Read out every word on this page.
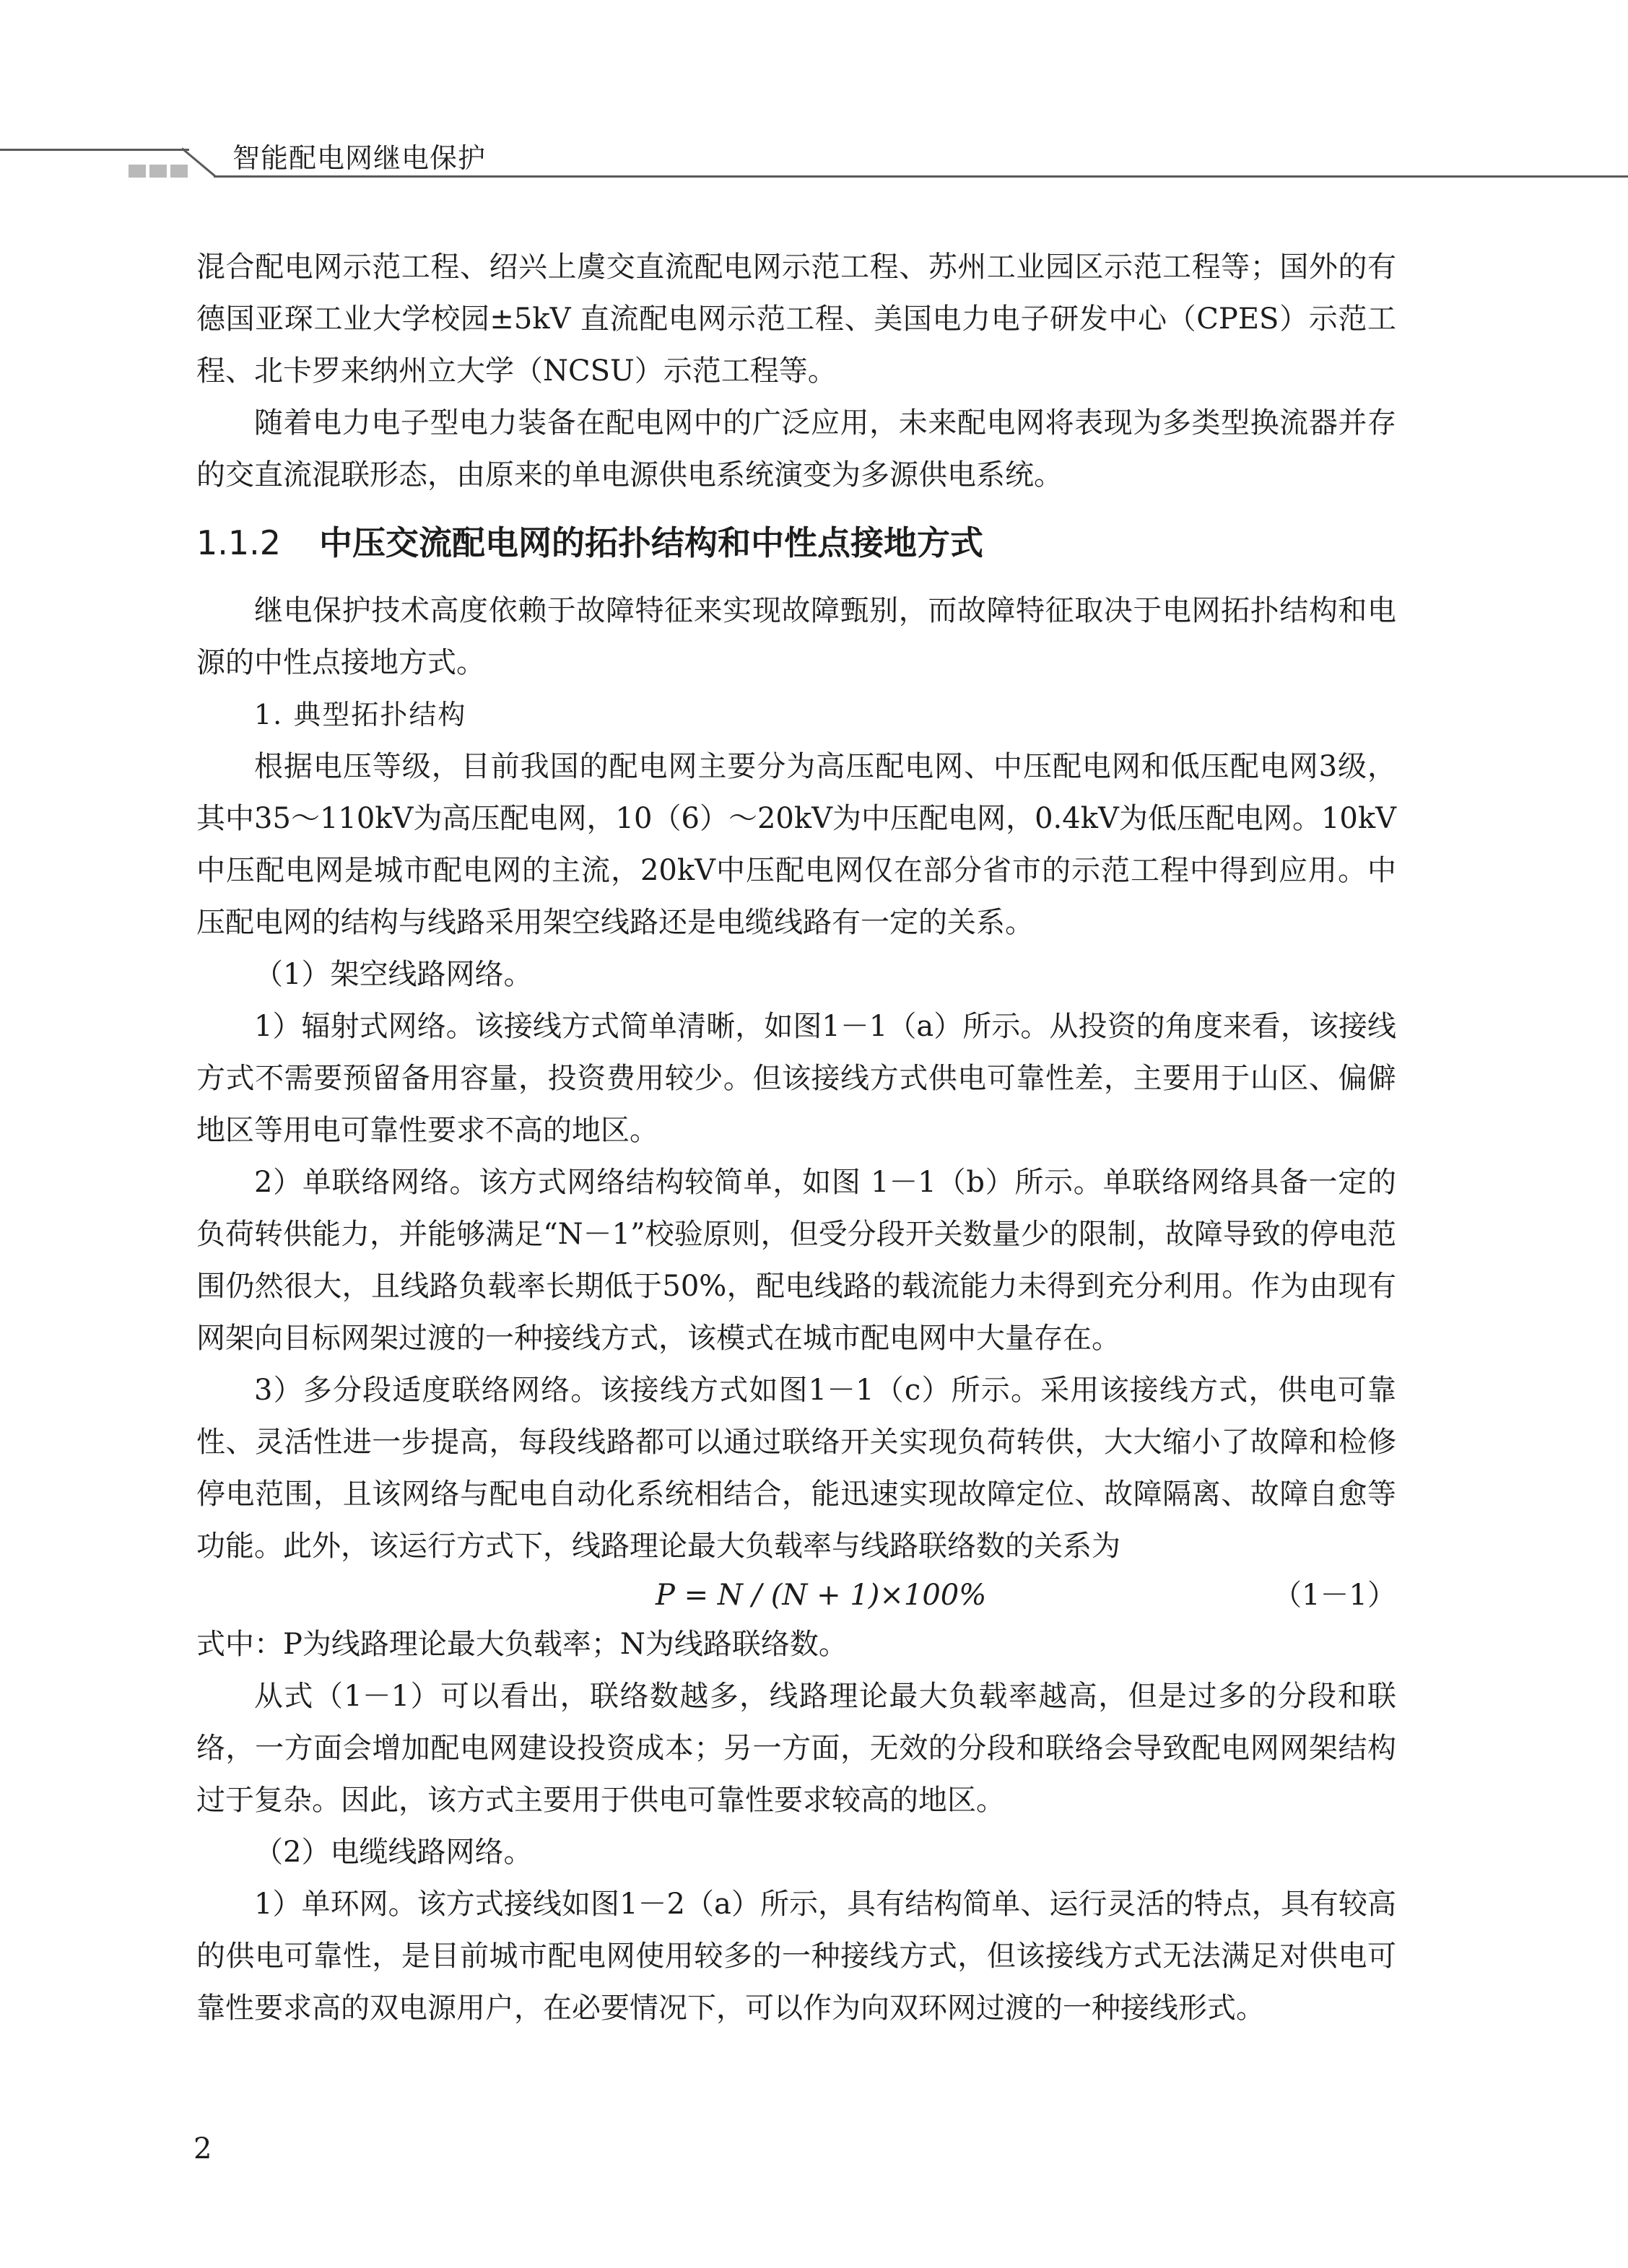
智能配电网继电保护

混合配电网示范工程、绍兴上虞交直流配电网示范工程、苏州工业园区示范工程等；国外的有德国亚琛工业大学校园±5kV 直流配电网示范工程、美国电力电子研发中心（CPES）示范工程、北卡罗来纳州立大学（NCSU）示范工程等。

随着电力电子型电力装备在配电网中的广泛应用，未来配电网将表现为多类型换流器并存的交直流混联形态，由原来的单电源供电系统演变为多源供电系统。

1.1.2 中压交流配电网的拓扑结构和中性点接地方式

继电保护技术高度依赖于故障特征来实现故障甄别，而故障特征取决于电网拓扑结构和电源的中性点接地方式。

1. 典型拓扑结构

根据电压等级，目前我国的配电网主要分为高压配电网、中压配电网和低压配电网3级，其中35～110kV为高压配电网，10（6）～20kV为中压配电网，0.4kV为低压配电网。10kV中压配电网是城市配电网的主流，20kV中压配电网仅在部分省市的示范工程中得到应用。中压配电网的结构与线路采用架空线路还是电缆线路有一定的关系。

（1）架空线路网络。

1）辐射式网络。该接线方式简单清晰，如图1－1（a）所示。从投资的角度来看，该接线方式不需要预留备用容量，投资费用较少。但该接线方式供电可靠性差，主要用于山区、偏僻地区等用电可靠性要求不高的地区。

2）单联络网络。该方式网络结构较简单，如图 1－1（b）所示。单联络网络具备一定的负荷转供能力，并能够满足“N－1”校验原则，但受分段开关数量少的限制，故障导致的停电范围仍然很大，且线路负载率长期低于50%，配电线路的载流能力未得到充分利用。作为由现有网架向目标网架过渡的一种接线方式，该模式在城市配电网中大量存在。

3）多分段适度联络网络。该接线方式如图1－1（c）所示。采用该接线方式，供电可靠性、灵活性进一步提高，每段线路都可以通过联络开关实现负荷转供，大大缩小了故障和检修停电范围，且该网络与配电自动化系统相结合，能迅速实现故障定位、故障隔离、故障自愈等功能。此外，该运行方式下，线路理论最大负载率与线路联络数的关系为

P = N / (N + 1)×100%	（1－1）

式中：P为线路理论最大负载率；N为线路联络数。

从式（1－1）可以看出，联络数越多，线路理论最大负载率越高，但是过多的分段和联络，一方面会增加配电网建设投资成本；另一方面，无效的分段和联络会导致配电网网架结构过于复杂。因此，该方式主要用于供电可靠性要求较高的地区。

（2）电缆线路网络。

1）单环网。该方式接线如图1－2（a）所示，具有结构简单、运行灵活的特点，具有较高的供电可靠性，是目前城市配电网使用较多的一种接线方式，但该接线方式无法满足对供电可靠性要求高的双电源用户，在必要情况下，可以作为向双环网过渡的一种接线形式。

2
